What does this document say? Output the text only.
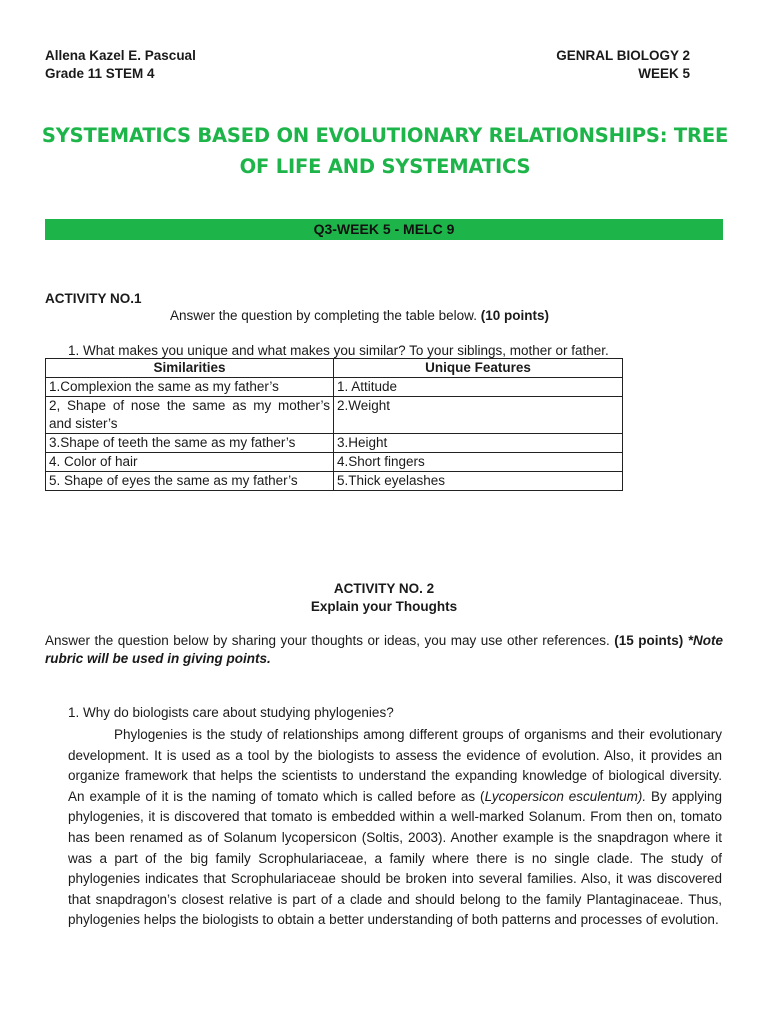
Allena Kazel E. Pascual
Grade 11 STEM 4
GENRAL BIOLOGY 2
WEEK 5
SYSTEMATICS BASED ON EVOLUTIONARY RELATIONSHIPS: TREE OF LIFE AND SYSTEMATICS
Q3-WEEK 5 - MELC 9
ACTIVITY NO.1
Answer the question by completing the table below. (10 points)
1. What makes you unique and what makes you similar? To your siblings, mother or father.
Similarities	Unique Features
1.Complexion the same as my father’s	1. Attitude
2, Shape of nose the same as my mother’s and sister’s	2.Weight
3.Shape of teeth the same as my father’s	3.Height
4. Color of hair	4.Short fingers
5. Shape of eyes the same as my father’s	5.Thick eyelashes
ACTIVITY NO. 2
Explain your Thoughts
Answer the question below by sharing your thoughts or ideas, you may use other references. (15 points) *Note rubric will be used in giving points.
1. Why do biologists care about studying phylogenies?
Phylogenies is the study of relationships among different groups of organisms and their evolutionary development. It is used as a tool by the biologists to assess the evidence of evolution. Also, it provides an organize framework that helps the scientists to understand the expanding knowledge of biological diversity. An example of it is the naming of tomato which is called before as (Lycopersicon esculentum). By applying phylogenies, it is discovered that tomato is embedded within a well-marked Solanum. From then on, tomato has been renamed as of Solanum lycopersicon (Soltis, 2003). Another example is the snapdragon where it was a part of the big family Scrophulariaceae, a family where there is no single clade. The study of phylogenies indicates that Scrophulariaceae should be broken into several families. Also, it was discovered that snapdragon’s closest relative is part of a clade and should belong to the family Plantaginaceae. Thus, phylogenies helps the biologists to obtain a better understanding of both patterns and processes of evolution.
